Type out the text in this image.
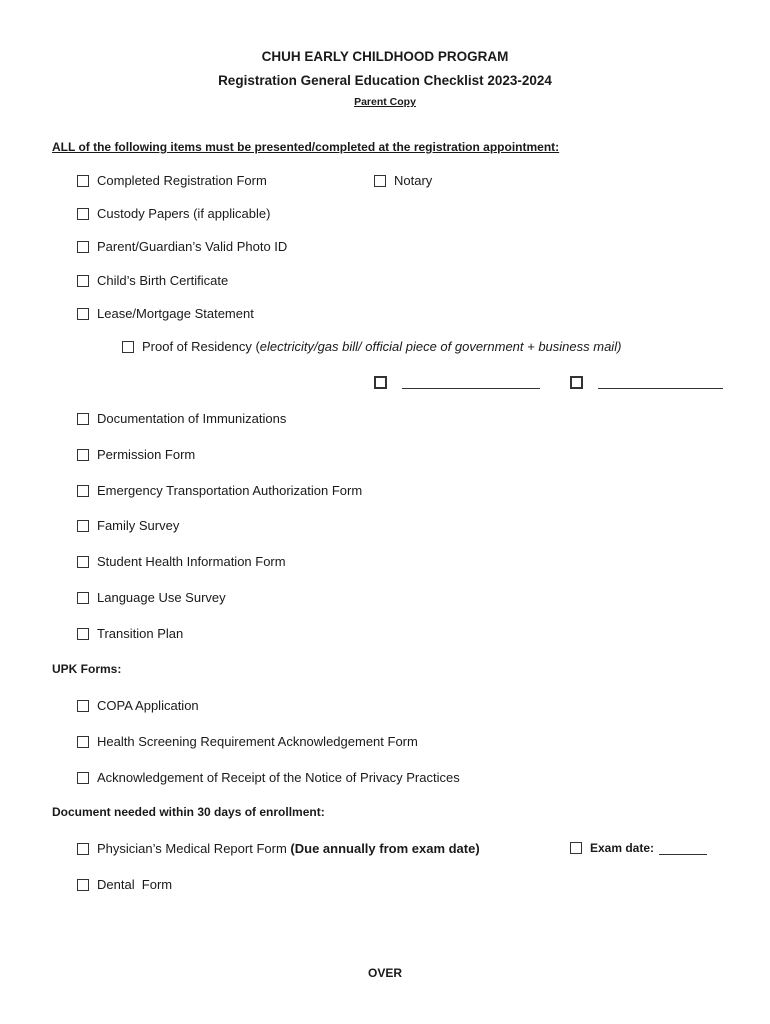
CHUH EARLY CHILDHOOD PROGRAM
Registration General Education Checklist 2023-2024
Parent Copy
ALL of the following items must be presented/completed at the registration appointment:
Completed Registration Form	Notary
Custody Papers (if applicable)
Parent/Guardian’s Valid Photo ID
Child’s Birth Certificate
Lease/Mortgage Statement
Proof of Residency ( electricity/gas bill/ official piece of government + business mail)
Documentation of Immunizations
Permission Form
Emergency Transportation Authorization Form
Family Survey
Student Health Information Form
Language Use Survey
Transition Plan
UPK Forms:
COPA Application
Health Screening Requirement Acknowledgement Form
Acknowledgement of Receipt of the Notice of Privacy Practices
Document needed within 30 days of enrollment:
Physician’s Medical Report Form
(Due annually from exam date)	Exam date:
Dental  Form
OVER
